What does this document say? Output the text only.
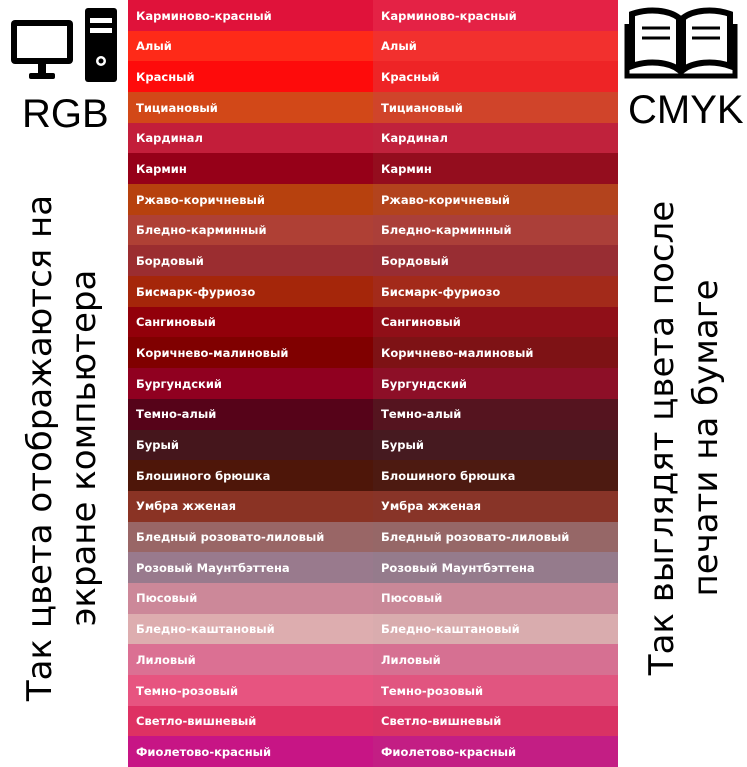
RGB	CMYK
Так цвета отображаются на экране компьютера	Так выглядят цвета после печати на бумаге
Карминово-красный	Карминово-красный
Алый	Алый
Красный	Красный
Тициановый	Тициановый
Кардинал	Кардинал
Кармин	Кармин
Ржаво-коричневый	Ржаво-коричневый
Бледно-карминный	Бледно-карминный
Бордовый	Бордовый
Бисмарк-фуриозо	Бисмарк-фуриозо
Сангиновый	Сангиновый
Коричнево-малиновый	Коричнево-малиновый
Бургундский	Бургундский
Темно-алый	Темно-алый
Бурый	Бурый
Блошиного брюшка	Блошиного брюшка
Умбра жженая	Умбра жженая
Бледный розовато-лиловый	Бледный розовато-лиловый
Розовый Маунтбэттена	Розовый Маунтбэттена
Пюсовый	Пюсовый
Бледно-каштановый	Бледно-каштановый
Лиловый	Лиловый
Темно-розовый	Темно-розовый
Светло-вишневый	Светло-вишневый
Фиолетово-красный	Фиолетово-красный
